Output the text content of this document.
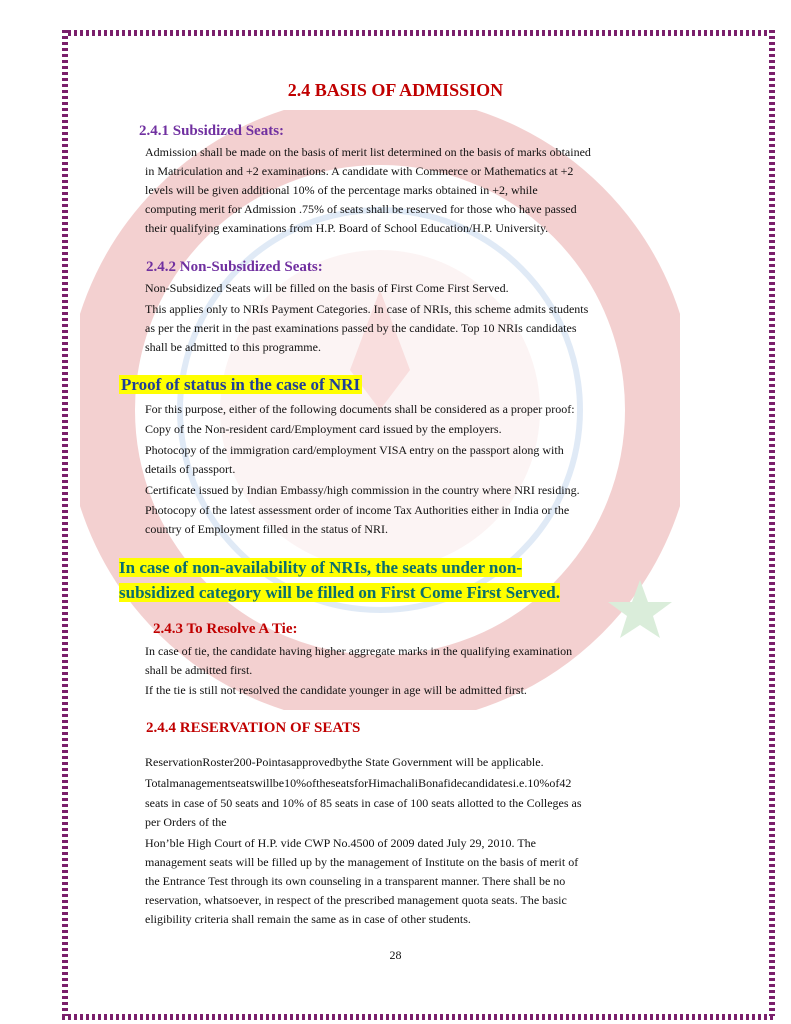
2.4 BASIS OF ADMISSION
2.4.1 Subsidized Seats:
Admission shall be made on the basis of merit list determined on the basis of marks obtained
in Matriculation and +2 examinations. A candidate with Commerce or Mathematics at +2
levels will be given additional 10% of the percentage marks obtained in +2, while
computing merit for Admission .75% of seats shall be reserved for those who have passed
their qualifying examinations from H.P. Board of School Education/H.P. University.
2.4.2 Non-Subsidized Seats:
Non-Subsidized Seats will be filled on the basis of First Come First Served.
This applies only to NRIs Payment Categories. In case of NRIs, this scheme admits students
as per the merit in the past examinations passed by the candidate. Top 10 NRIs candidates
shall be admitted to this programme.
Proof of status in the case of NRI
For this purpose, either of the following documents shall be considered as a proper proof:
Copy of the Non-resident card/Employment card issued by the employers.
Photocopy of the immigration card/employment VISA entry on the passport along with
details of passport.
Certificate issued by Indian Embassy/high commission in the country where NRI residing.
Photocopy of the latest assessment order of income Tax Authorities either in India or the
country of Employment filled in the status of NRI.
In case of non-availability of NRIs, the seats under non-
subsidized category will be filled on First Come First Served.
2.4.3 To Resolve A Tie:
In case of tie, the candidate having higher aggregate marks in the qualifying examination
shall be admitted first.
If the tie is still not resolved the candidate younger in age will be admitted first.
2.4.4 RESERVATION OF SEATS
ReservationRoster200-Pointasapprovedbythe State Government will be applicable.
Totalmanagementseatswillbe10%oftheseatsforHimachaliBonafidecandidatesi.e.10%of42
seats in case of 50 seats and 10% of 85 seats in case of 100 seats allotted to the Colleges as
per Orders of the
Hon’ble High Court of H.P. vide CWP No.4500 of 2009 dated July 29, 2010. The
management seats will be filled up by the management of Institute on the basis of merit of
the Entrance Test through its own counseling in a transparent manner. There shall be no
reservation, whatsoever, in respect of the prescribed management quota seats. The basic
eligibility criteria shall remain the same as in case of other students.
28
